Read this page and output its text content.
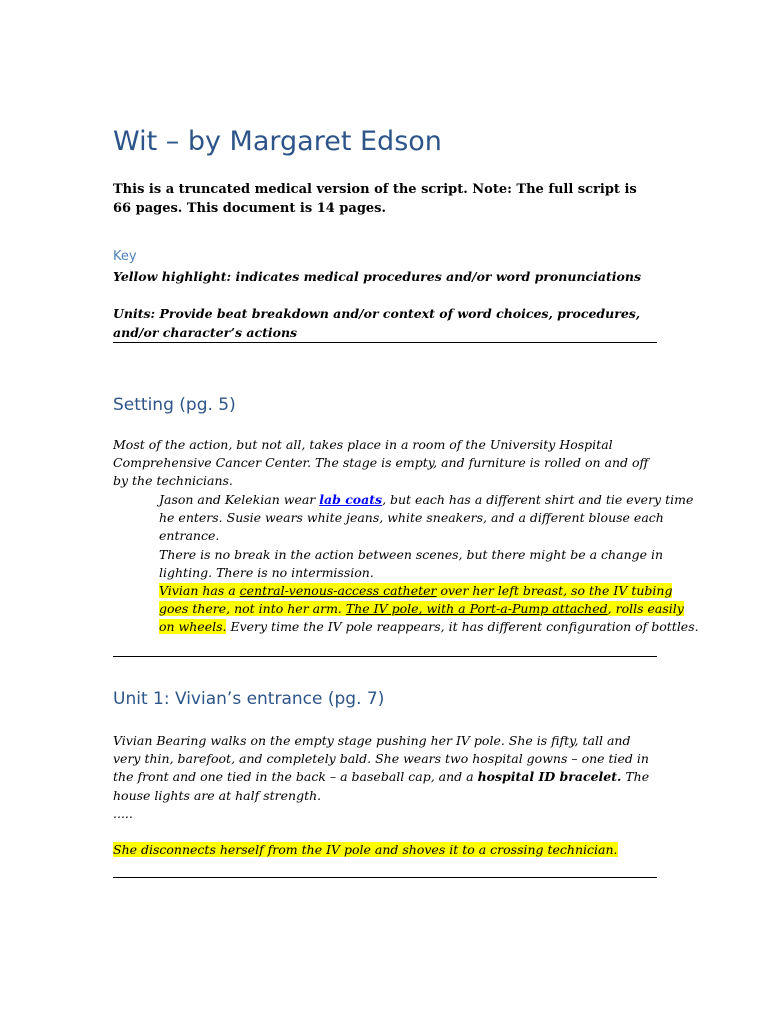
Wit – by Margaret Edson

This is a truncated medical version of the script. Note: The full script is 66 pages. This document is 14 pages.

Key

Yellow highlight: indicates medical procedures and/or word pronunciations

Units: Provide beat breakdown and/or context of word choices, procedures, and/or character’s actions

Setting (pg. 5)

Most of the action, but not all, takes place in a room of the University Hospital Comprehensive Cancer Center. The stage is empty, and furniture is rolled on and off by the technicians.

Jason and Kelekian wear lab coats, but each has a different shirt and tie every time he enters. Susie wears white jeans, white sneakers, and a different blouse each entrance.

There is no break in the action between scenes, but there might be a change in lighting. There is no intermission.

Vivian has a central-venous-access catheter over her left breast, so the IV tubing goes there, not into her arm. The IV pole, with a Port-a-Pump attached, rolls easily on wheels. Every time the IV pole reappears, it has different configuration of bottles.

Unit 1: Vivian’s entrance (pg. 7)

Vivian Bearing walks on the empty stage pushing her IV pole. She is fifty, tall and very thin, barefoot, and completely bald. She wears two hospital gowns – one tied in the front and one tied in the back – a baseball cap, and a hospital ID bracelet. The house lights are at half strength.

.....

She disconnects herself from the IV pole and shoves it to a crossing technician.
